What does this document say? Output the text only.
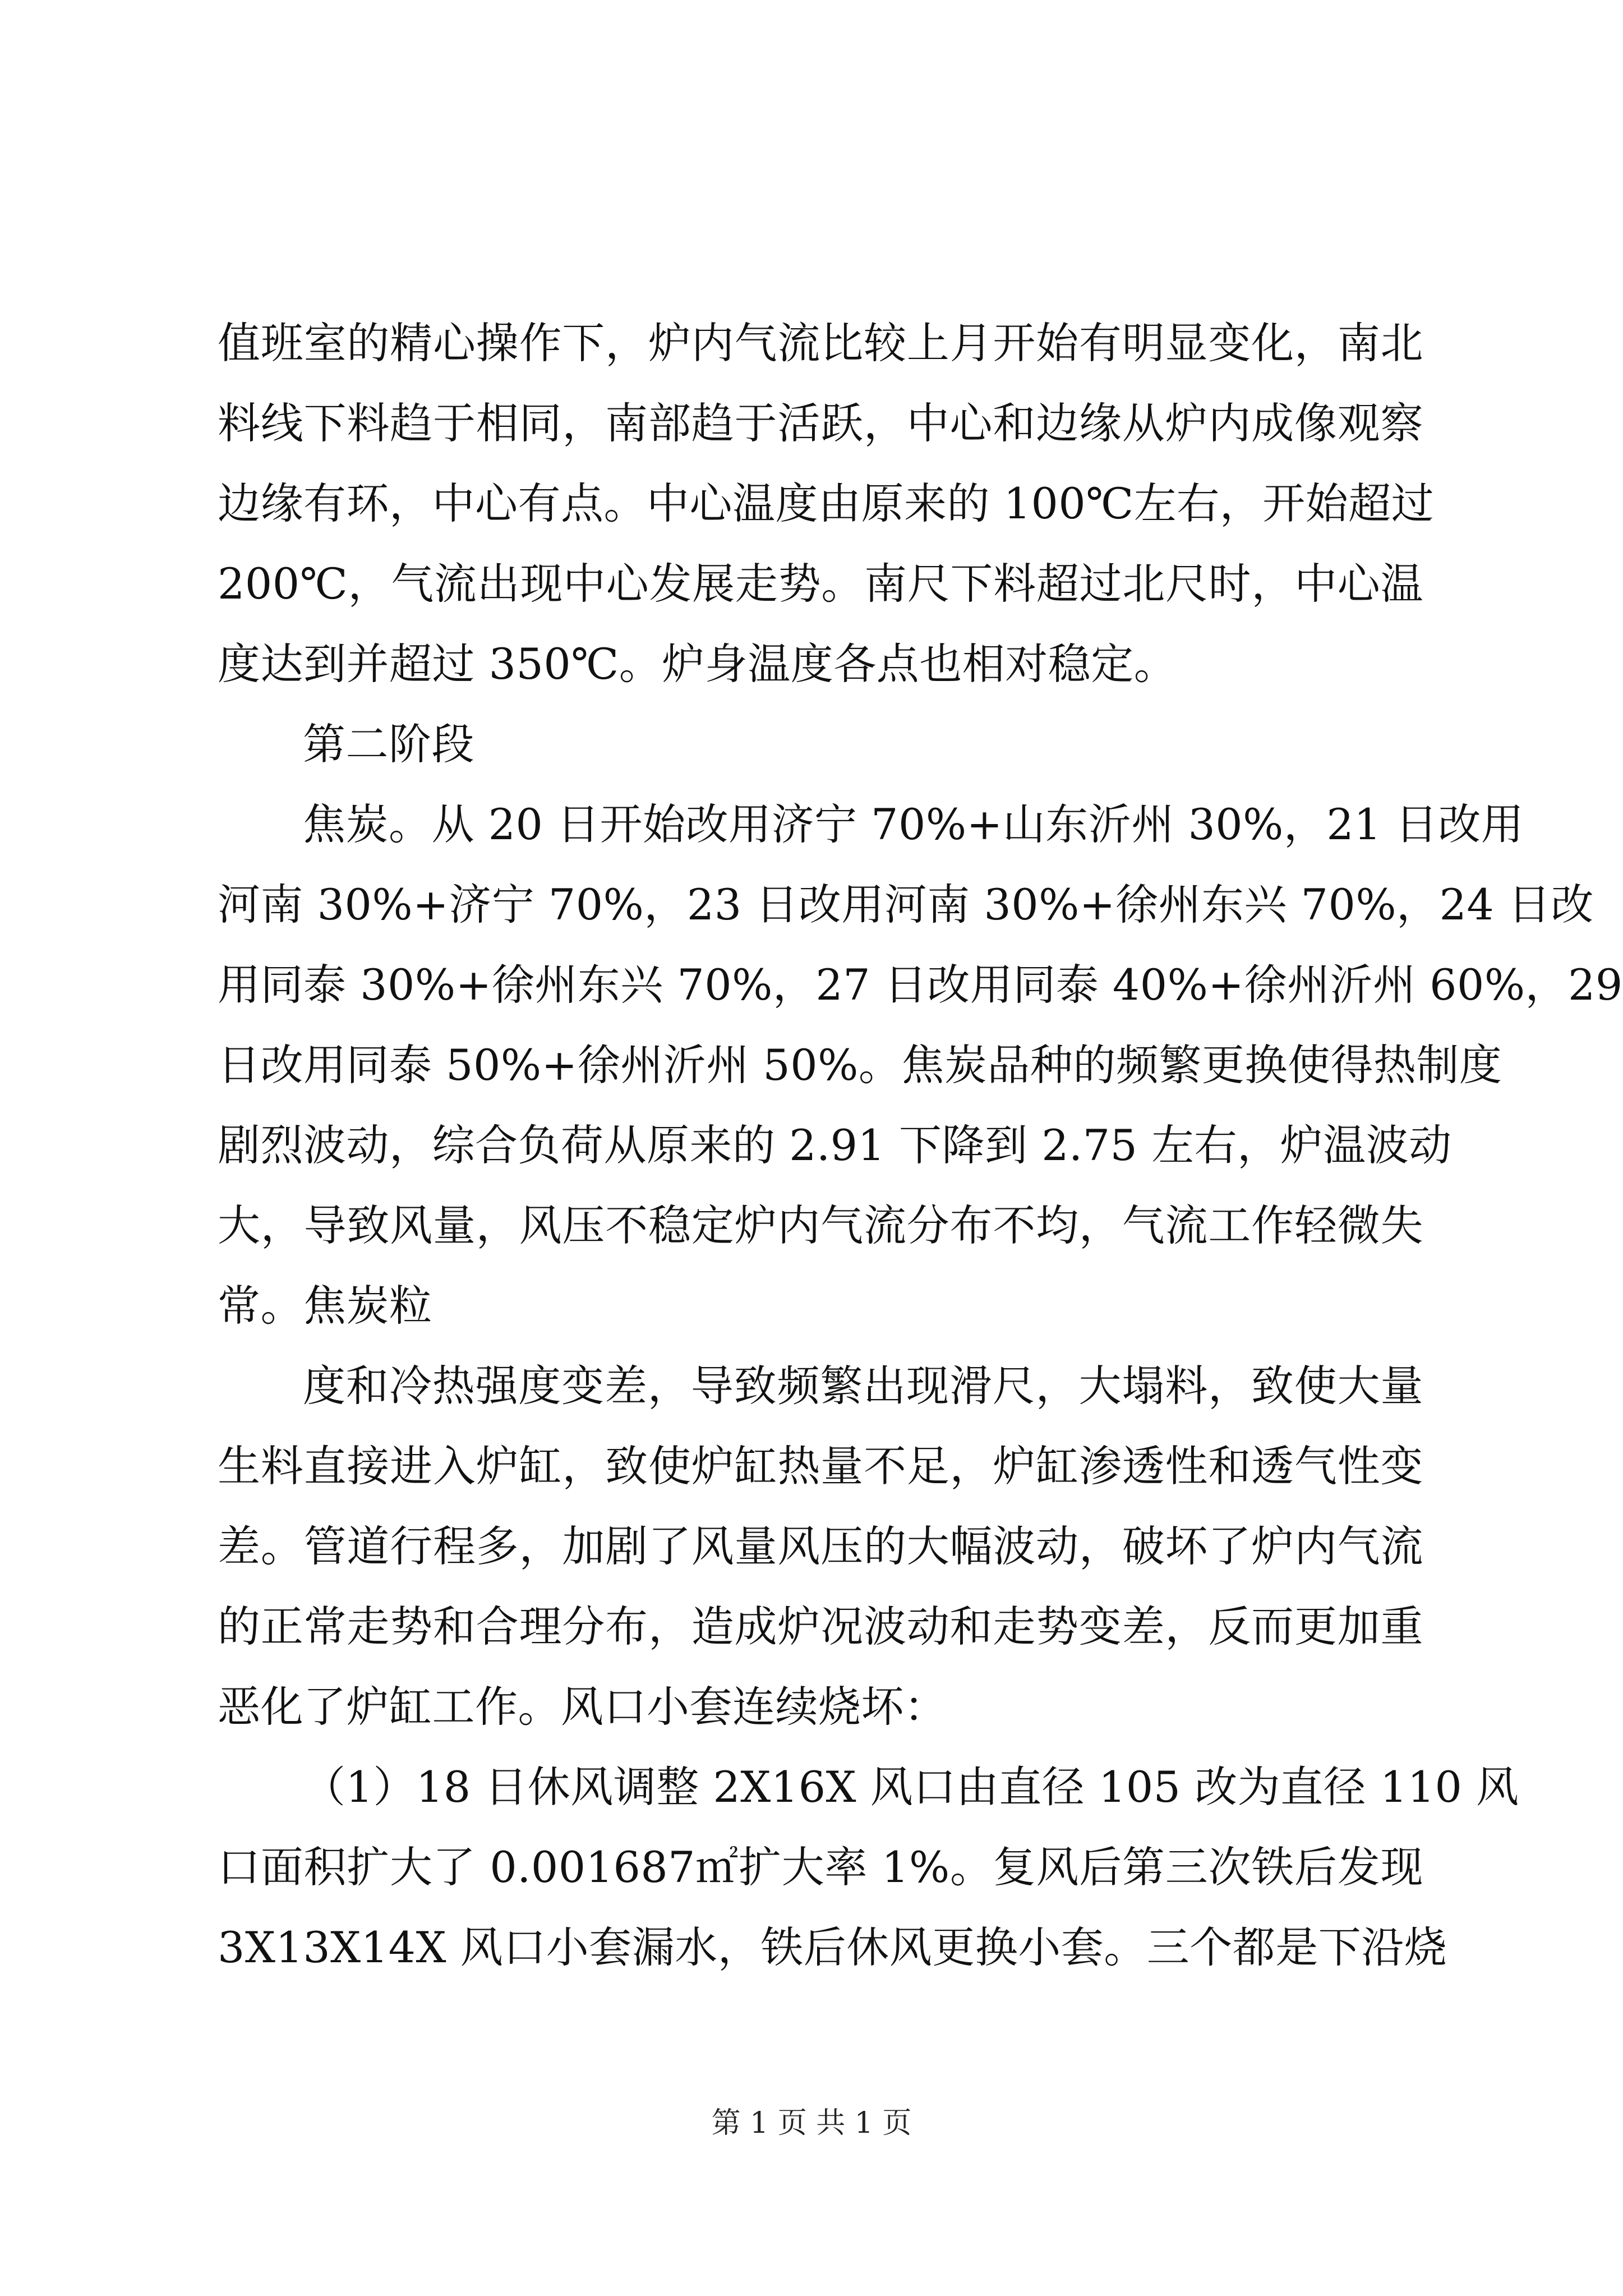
值班室的精心操作下，炉内气流比较上月开始有明显变化，南北
料线下料趋于相同，南部趋于活跃，中心和边缘从炉内成像观察
边缘有环，中心有点。中心温度由原来的 100℃左右，开始超过
200℃，气流出现中心发展走势。南尺下料超过北尺时，中心温
度达到并超过 350℃。炉身温度各点也相对稳定。
第二阶段
焦炭。从 20 日开始改用济宁 70%+山东沂州 30%，21 日改用
河南 30%+济宁 70%，23 日改用河南 30%+徐州东兴 70%，24 日改
用同泰 30%+徐州东兴 70%，27 日改用同泰 40%+徐州沂州 60%，29
日改用同泰 50%+徐州沂州 50%。焦炭品种的频繁更换使得热制度
剧烈波动，综合负荷从原来的 2.91 下降到 2.75 左右，炉温波动
大，导致风量，风压不稳定炉内气流分布不均，气流工作轻微失
常。焦炭粒
度和冷热强度变差，导致频繁出现滑尺，大塌料，致使大量
生料直接进入炉缸，致使炉缸热量不足，炉缸渗透性和透气性变
差。管道行程多，加剧了风量风压的大幅波动，破坏了炉内气流
的正常走势和合理分布，造成炉况波动和走势变差，反而更加重
恶化了炉缸工作。风口小套连续烧坏：
（1）18 日休风调整 2X16X 风口由直径 105 改为直径 110 风
口面积扩大了 0.001687㎡扩大率 1%。复风后第三次铁后发现
3X13X14X 风口小套漏水，铁后休风更换小套。三个都是下沿烧
第 1 页 共 1 页
